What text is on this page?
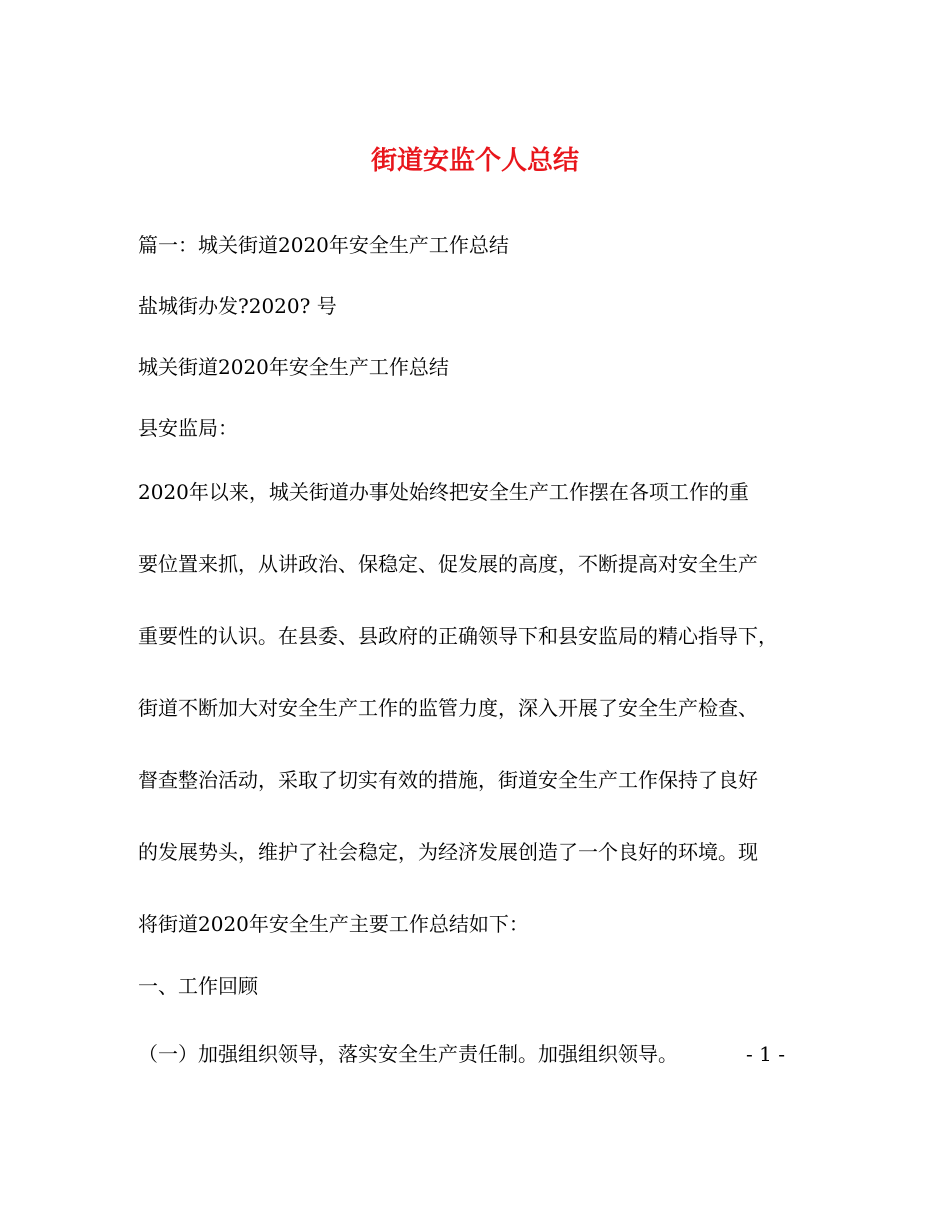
街道安监个人总结
篇一：城关街道2020年安全生产工作总结
盐城街办发?2020? 号
城关街道2020年安全生产工作总结
县安监局：
2020年以来，城关街道办事处始终把安全生产工作摆在各项工作的重
要位置来抓，从讲政治、保稳定、促发展的高度，不断提高对安全生产
重要性的认识。在县委、县政府的正确领导下和县安监局的精心指导下，
街道不断加大对安全生产工作的监管力度，深入开展了安全生产检查、
督查整治活动，采取了切实有效的措施，街道安全生产工作保持了良好
的发展势头，维护了社会稳定，为经济发展创造了一个良好的环境。现
将街道2020年安全生产主要工作总结如下：
一、工作回顾
（一）加强组织领导，落实安全生产责任制。加强组织领导。	- 1 -
